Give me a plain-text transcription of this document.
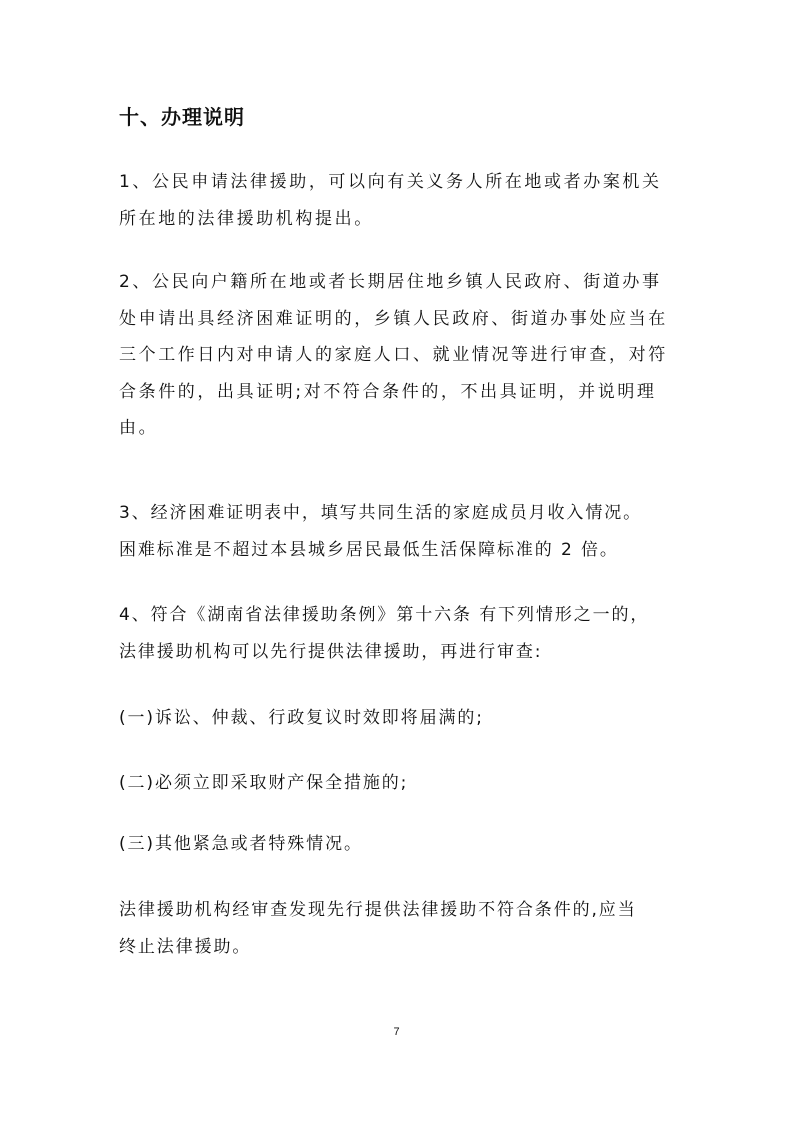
十、办理说明
1、公民申请法律援助，可以向有关义务人所在地或者办案机关
所在地的法律援助机构提出。
2、公民向户籍所在地或者长期居住地乡镇人民政府、街道办事
处申请出具经济困难证明的，乡镇人民政府、街道办事处应当在
三个工作日内对申请人的家庭人口、就业情况等进行审查，对符
合条件的，出具证明;对不符合条件的，不出具证明，并说明理
由。
3、经济困难证明表中，填写共同生活的家庭成员月收入情况。
困难标准是不超过本县城乡居民最低生活保障标准的 2 倍。
4、符合《湖南省法律援助条例》第十六条 有下列情形之一的，
法律援助机构可以先行提供法律援助，再进行审查:
(一)诉讼、仲裁、行政复议时效即将届满的;
(二)必须立即采取财产保全措施的;
(三)其他紧急或者特殊情况。
法律援助机构经审查发现先行提供法律援助不符合条件的,应当
终止法律援助。
7
